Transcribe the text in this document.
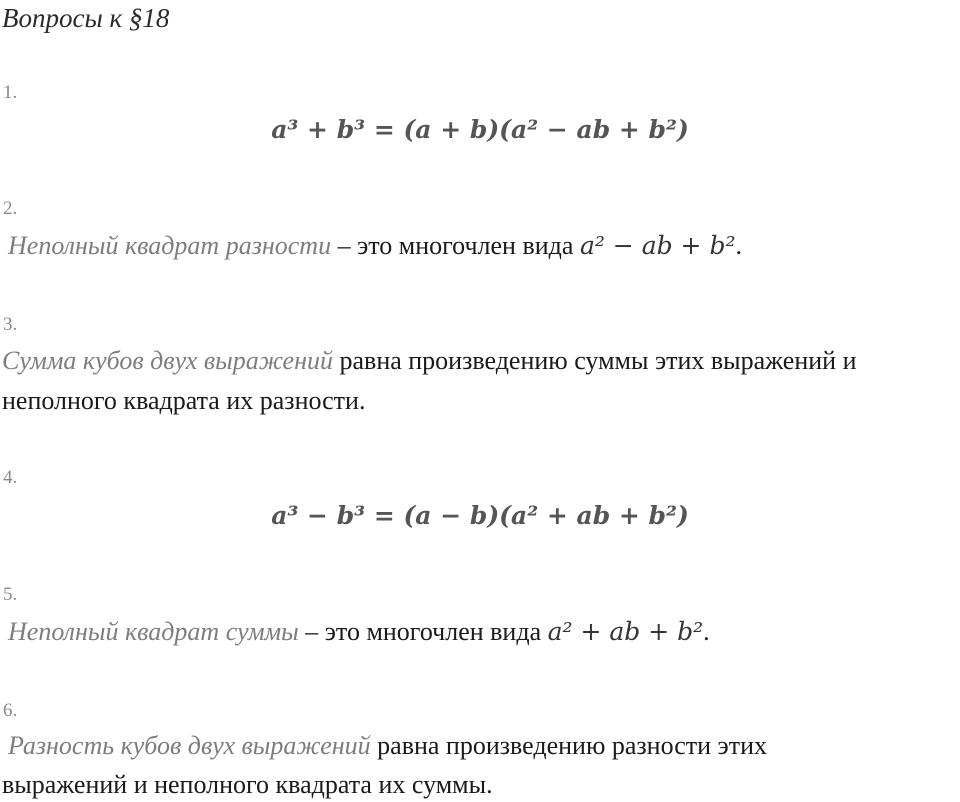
Вопросы к §18
1.
a³ + b³ = (a + b)(a² − ab + b²)
2.
Неполный квадрат разности – это многочлен вида a² − ab + b².
3.
Сумма кубов двух выражений равна произведению суммы этих выражений и
неполного квадрата их разности.
4.
a³ − b³ = (a − b)(a² + ab + b²)
5.
Неполный квадрат суммы – это многочлен вида a² + ab + b².
6.
Разность кубов двух выражений равна произведению разности этих
выражений и неполного квадрата их суммы.
